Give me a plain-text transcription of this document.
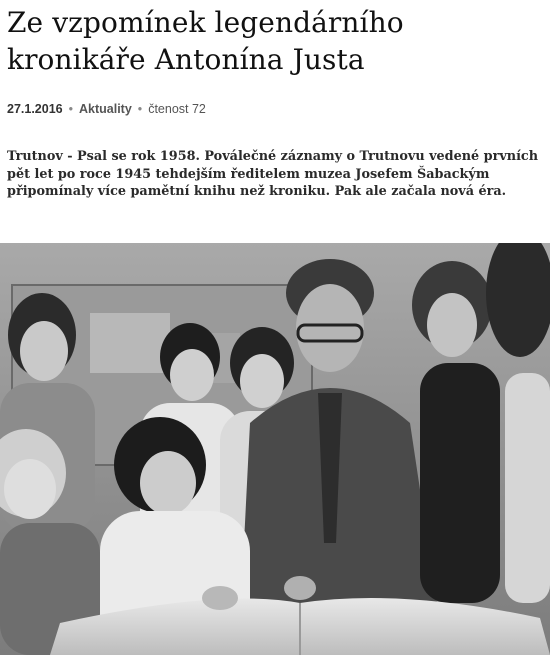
Ze vzpomínek legendárního kronikáře Antonína Justa
27.1.2016 • Aktuality • čtenost 72

Trutnov - Psal se rok 1958. Poválečné záznamy o Trutnovu vedené prvních pět let po roce 1945 tehdejším ředitelem muzea Josefem Šabackým připomínaly více pamětní knihu než kroniku. Pak ale začala nová éra.
